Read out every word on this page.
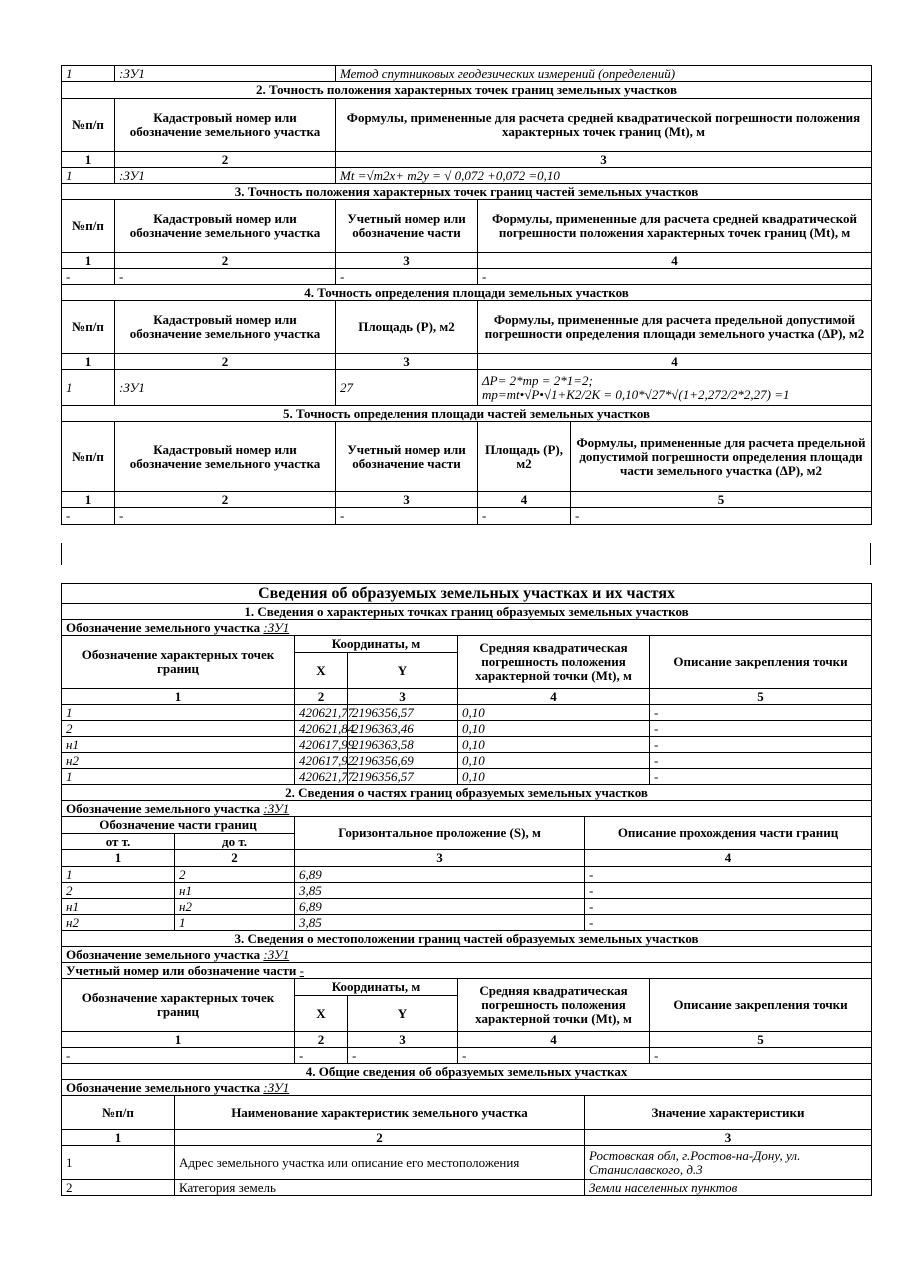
1	:ЗУ1	Метод спутниковых геодезических измерений (определений)		
2. Точность положения характерных точек границ земельных участков				
№п/п	Кадастровый номер или обозначение земельного участка	Формулы, примененные для расчета средней квадратической погрешности положения характерных точек границ (Mt), м		
1	2	3		
1	:ЗУ1	Mt =√m2x+ m2y = √ 0,072 +0,072 =0,10		
3. Точность положения характерных точек границ частей земельных участков				
№п/п	Кадастровый номер или обозначение земельного участка	Учетный номер или обозначение части	Формулы, примененные для расчета средней квадратической погрешности положения характерных точек границ (Mt), м	
1	2	3	4	
-	-	-	-	
4. Точность определения площади земельных участков				
№п/п	Кадастровый номер или обозначение земельного участка	Площадь (Р), м2	Формулы, примененные для расчета предельной допустимой погрешности определения площади земельного участка (ΔР), м2	
1	2	3	4	
1	:ЗУ1	27	ΔР= 2*mp = 2*1=2;
mp=mt•√Р•√1+К2/2К = 0,10*√27*√(1+2,272/2*2,27) =1	

5. Точность определения площади частей земельных участков				
№п/п	Кадастровый номер или обозначение земельного участка	Учетный номер или обозначение части	Площадь (Р), м2	Формулы, примененные для расчета предельной допустимой погрешности определения площади части земельного участка (ΔР), м2
1	2	3	4	5
-	-	-	-	-
Сведения об образуемых земельных участках и их частях						
1. Сведения о характерных точках границ образуемых земельных участков						
Обозначение земельного участка :ЗУ1						
Обозначение характерных точек границ		Координаты, м		Средняя квадратическая погрешность положения характерной точки (Mt), м		Описание закрепления точки
		X	Y			
1		2	3	4		5
1		420621,77	2196356,57	0,10		-
2		420621,84	2196363,46	0,10		-
н1		420617,99	2196363,58	0,10		-
н2		420617,92	2196356,69	0,10		-
1		420621,77	2196356,57	0,10		-
2. Сведения о частях границ образуемых земельных участков						
Обозначение земельного участка :ЗУ1						
Обозначение части границ		Горизонтальное проложение (S), м			Описание прохождения части границ	
от т.	до т.					
1	2	3			4	
1	2	6,89			-	
2	н1	3,85			-	
н1	н2	6,89			-	
н2	1	3,85			-	
3. Сведения о местоположении границ частей образуемых земельных участков						
Обозначение земельного участка :ЗУ1						
Учетный номер или обозначение части -						
Обозначение характерных точек границ		Координаты, м		Средняя квадратическая погрешность положения характерной точки (Mt), м		Описание закрепления точки
		X	Y			
1		2	3	4		5
-		-	-	-		-
4. Общие сведения об образуемых земельных участках						
Обозначение земельного участка :ЗУ1						
№п/п	Наименование характеристик земельного участка				Значение характеристики	
1	2				3	
1	Адрес земельного участка или описание его местоположения				Ростовская обл, г.Ростов-на-Дону, ул. Станиславского, д.3	
2	Категория земель				Земли населенных пунктов	
